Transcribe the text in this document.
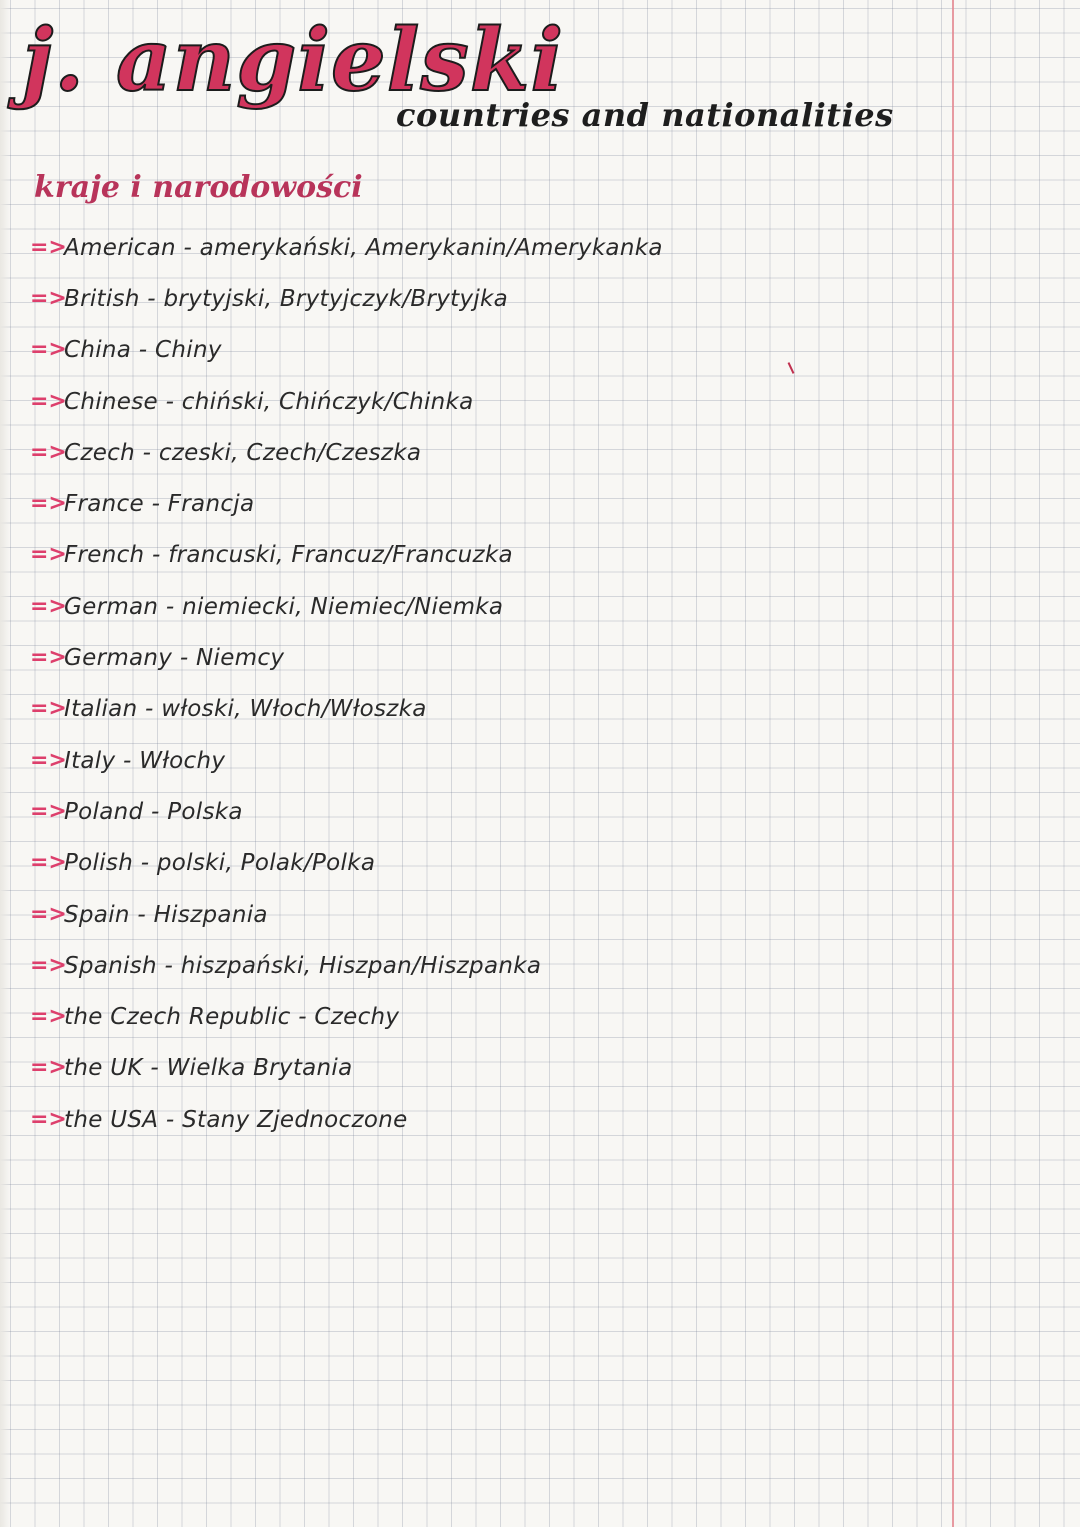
j. angielski
countries and nationalities
kraje i narodowości
=>
American - amerykański, Amerykanin/Amerykanka
=>
British - brytyjski, Brytyjczyk/Brytyjka
=>
China - Chiny
=>
Chinese - chiński, Chińczyk/Chinka
=>
Czech - czeski, Czech/Czeszka
=>
France - Francja
=>
French - francuski, Francuz/Francuzka
=>
German - niemiecki, Niemiec/Niemka
=>
Germany - Niemcy
=>
Italian - włoski, Włoch/Włoszka
=>
Italy - Włochy
=>
Poland - Polska
=>
Polish - polski, Polak/Polka
=>
Spain - Hiszpania
=>
Spanish - hiszpański, Hiszpan/Hiszpanka
=>
the Czech Republic - Czechy
=>
the UK - Wielka Brytania
=>
the USA - Stany Zjednoczone
